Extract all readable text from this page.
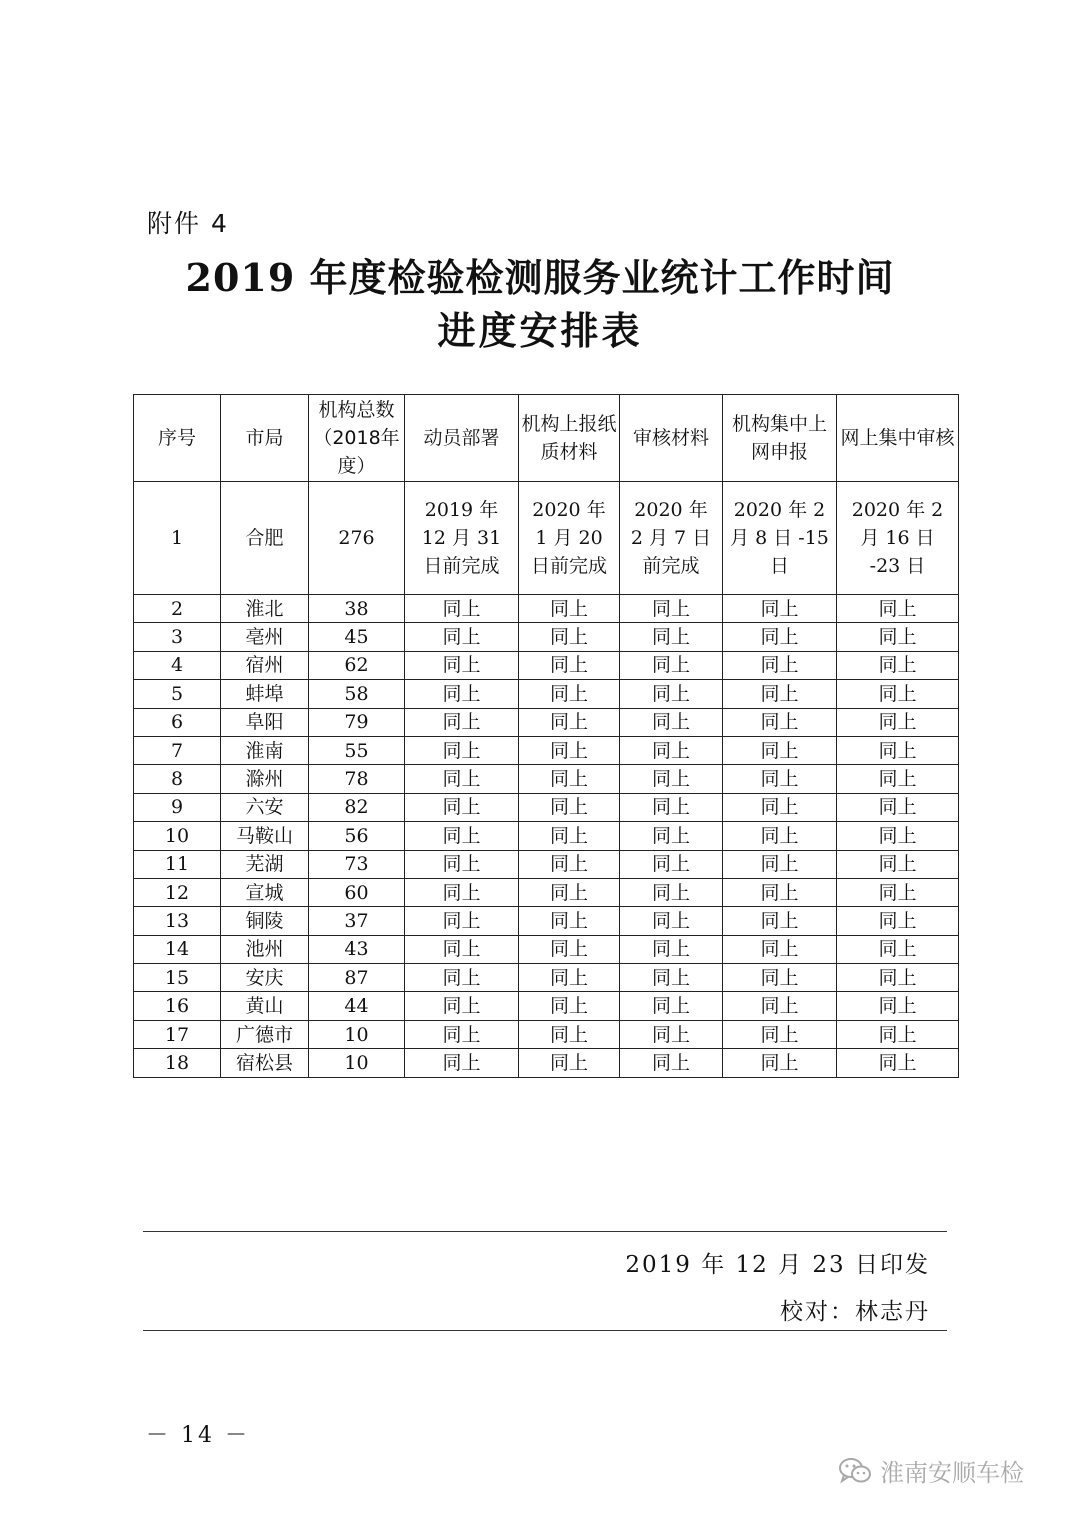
附件 4
2019 年度检验检测服务业统计工作时间
进度安排表
序号	市局	机构总数（2018年度）	动员部署	机构上报纸质材料	审核材料	机构集中上网申报	网上集中审核
1	合肥	276	2019 年 12 月 31 日前完成	2020 年 1 月 20 日前完成	2020 年 2 月 7 日前完成	2020 年 2 月 8 日 -15 日	2020 年 2 月 16 日 -23 日

2	淮北	38	同上	同上	同上	同上	同上
3	亳州	45	同上	同上	同上	同上	同上
4	宿州	62	同上	同上	同上	同上	同上
5	蚌埠	58	同上	同上	同上	同上	同上
6	阜阳	79	同上	同上	同上	同上	同上
7	淮南	55	同上	同上	同上	同上	同上
8	滁州	78	同上	同上	同上	同上	同上
9	六安	82	同上	同上	同上	同上	同上
10	马鞍山	56	同上	同上	同上	同上	同上
11	芜湖	73	同上	同上	同上	同上	同上
12	宣城	60	同上	同上	同上	同上	同上
13	铜陵	37	同上	同上	同上	同上	同上
14	池州	43	同上	同上	同上	同上	同上
15	安庆	87	同上	同上	同上	同上	同上
16	黄山	44	同上	同上	同上	同上	同上
17	广德市	10	同上	同上	同上	同上	同上
18	宿松县	10	同上	同上	同上	同上	同上
2019 年 12 月 23 日印发
校对：林志丹
－ 14 －
淮南安顺车检
